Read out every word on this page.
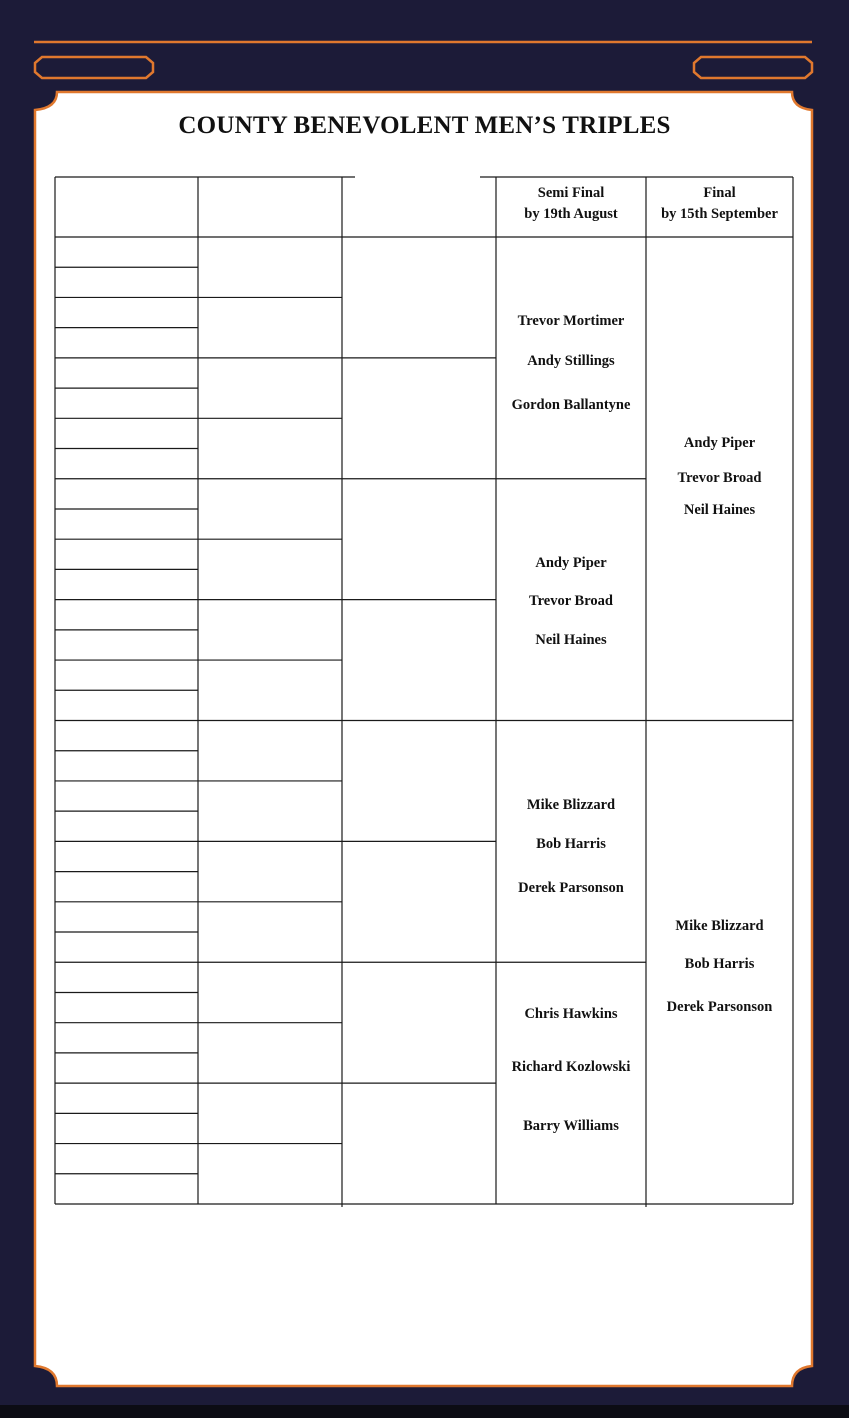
COUNTY BENEVOLENT MEN’S TRIPLES
Semi Final
by 19th August
Final
by 15th September
Trevor Mortimer
Andy Stillings
Gordon Ballantyne
Andy Piper
Trevor Broad
Neil Haines
Mike Blizzard
Bob Harris
Derek Parsonson
Chris Hawkins
Richard Kozlowski
Barry Williams
Andy Piper
Trevor Broad
Neil Haines
Mike Blizzard
Bob Harris
Derek Parsonson
